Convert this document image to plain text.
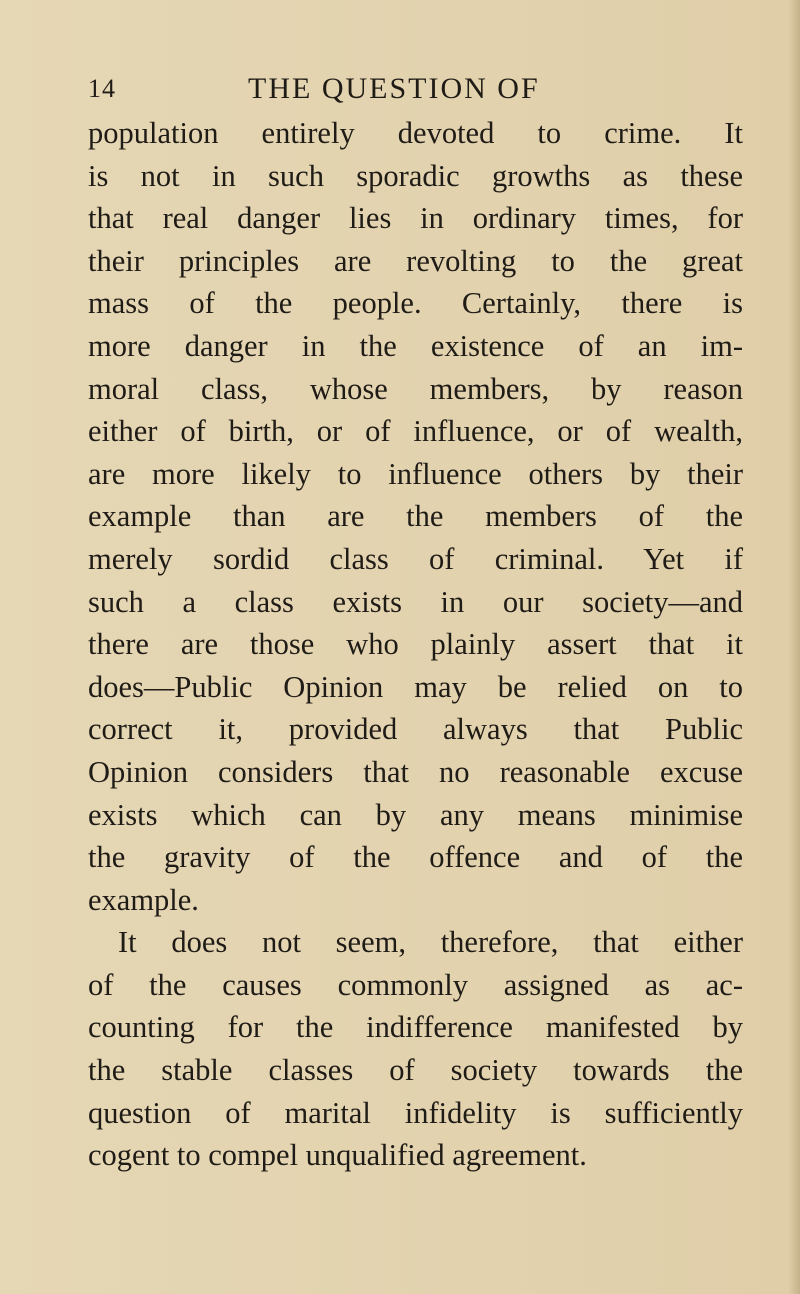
14	THE QUESTION OF
population entirely devoted to crime. It
is not in such sporadic growths as these
that real danger lies in ordinary times, for
their principles are revolting to the great
mass of the people. Certainly, there is
more danger in the existence of an im-
moral class, whose members, by reason
either of birth, or of influence, or of wealth,
are more likely to influence others by their
example than are the members of the
merely sordid class of criminal. Yet if
such a class exists in our society—and
there are those who plainly assert that it
does—Public Opinion may be relied on to
correct it, provided always that Public
Opinion considers that no reasonable excuse
exists which can by any means minimise
the gravity of the offence and of the
example.
It does not seem, therefore, that either
of the causes commonly assigned as ac-
counting for the indifference manifested by
the stable classes of society towards the
question of marital infidelity is sufficiently
cogent to compel unqualified agreement.
